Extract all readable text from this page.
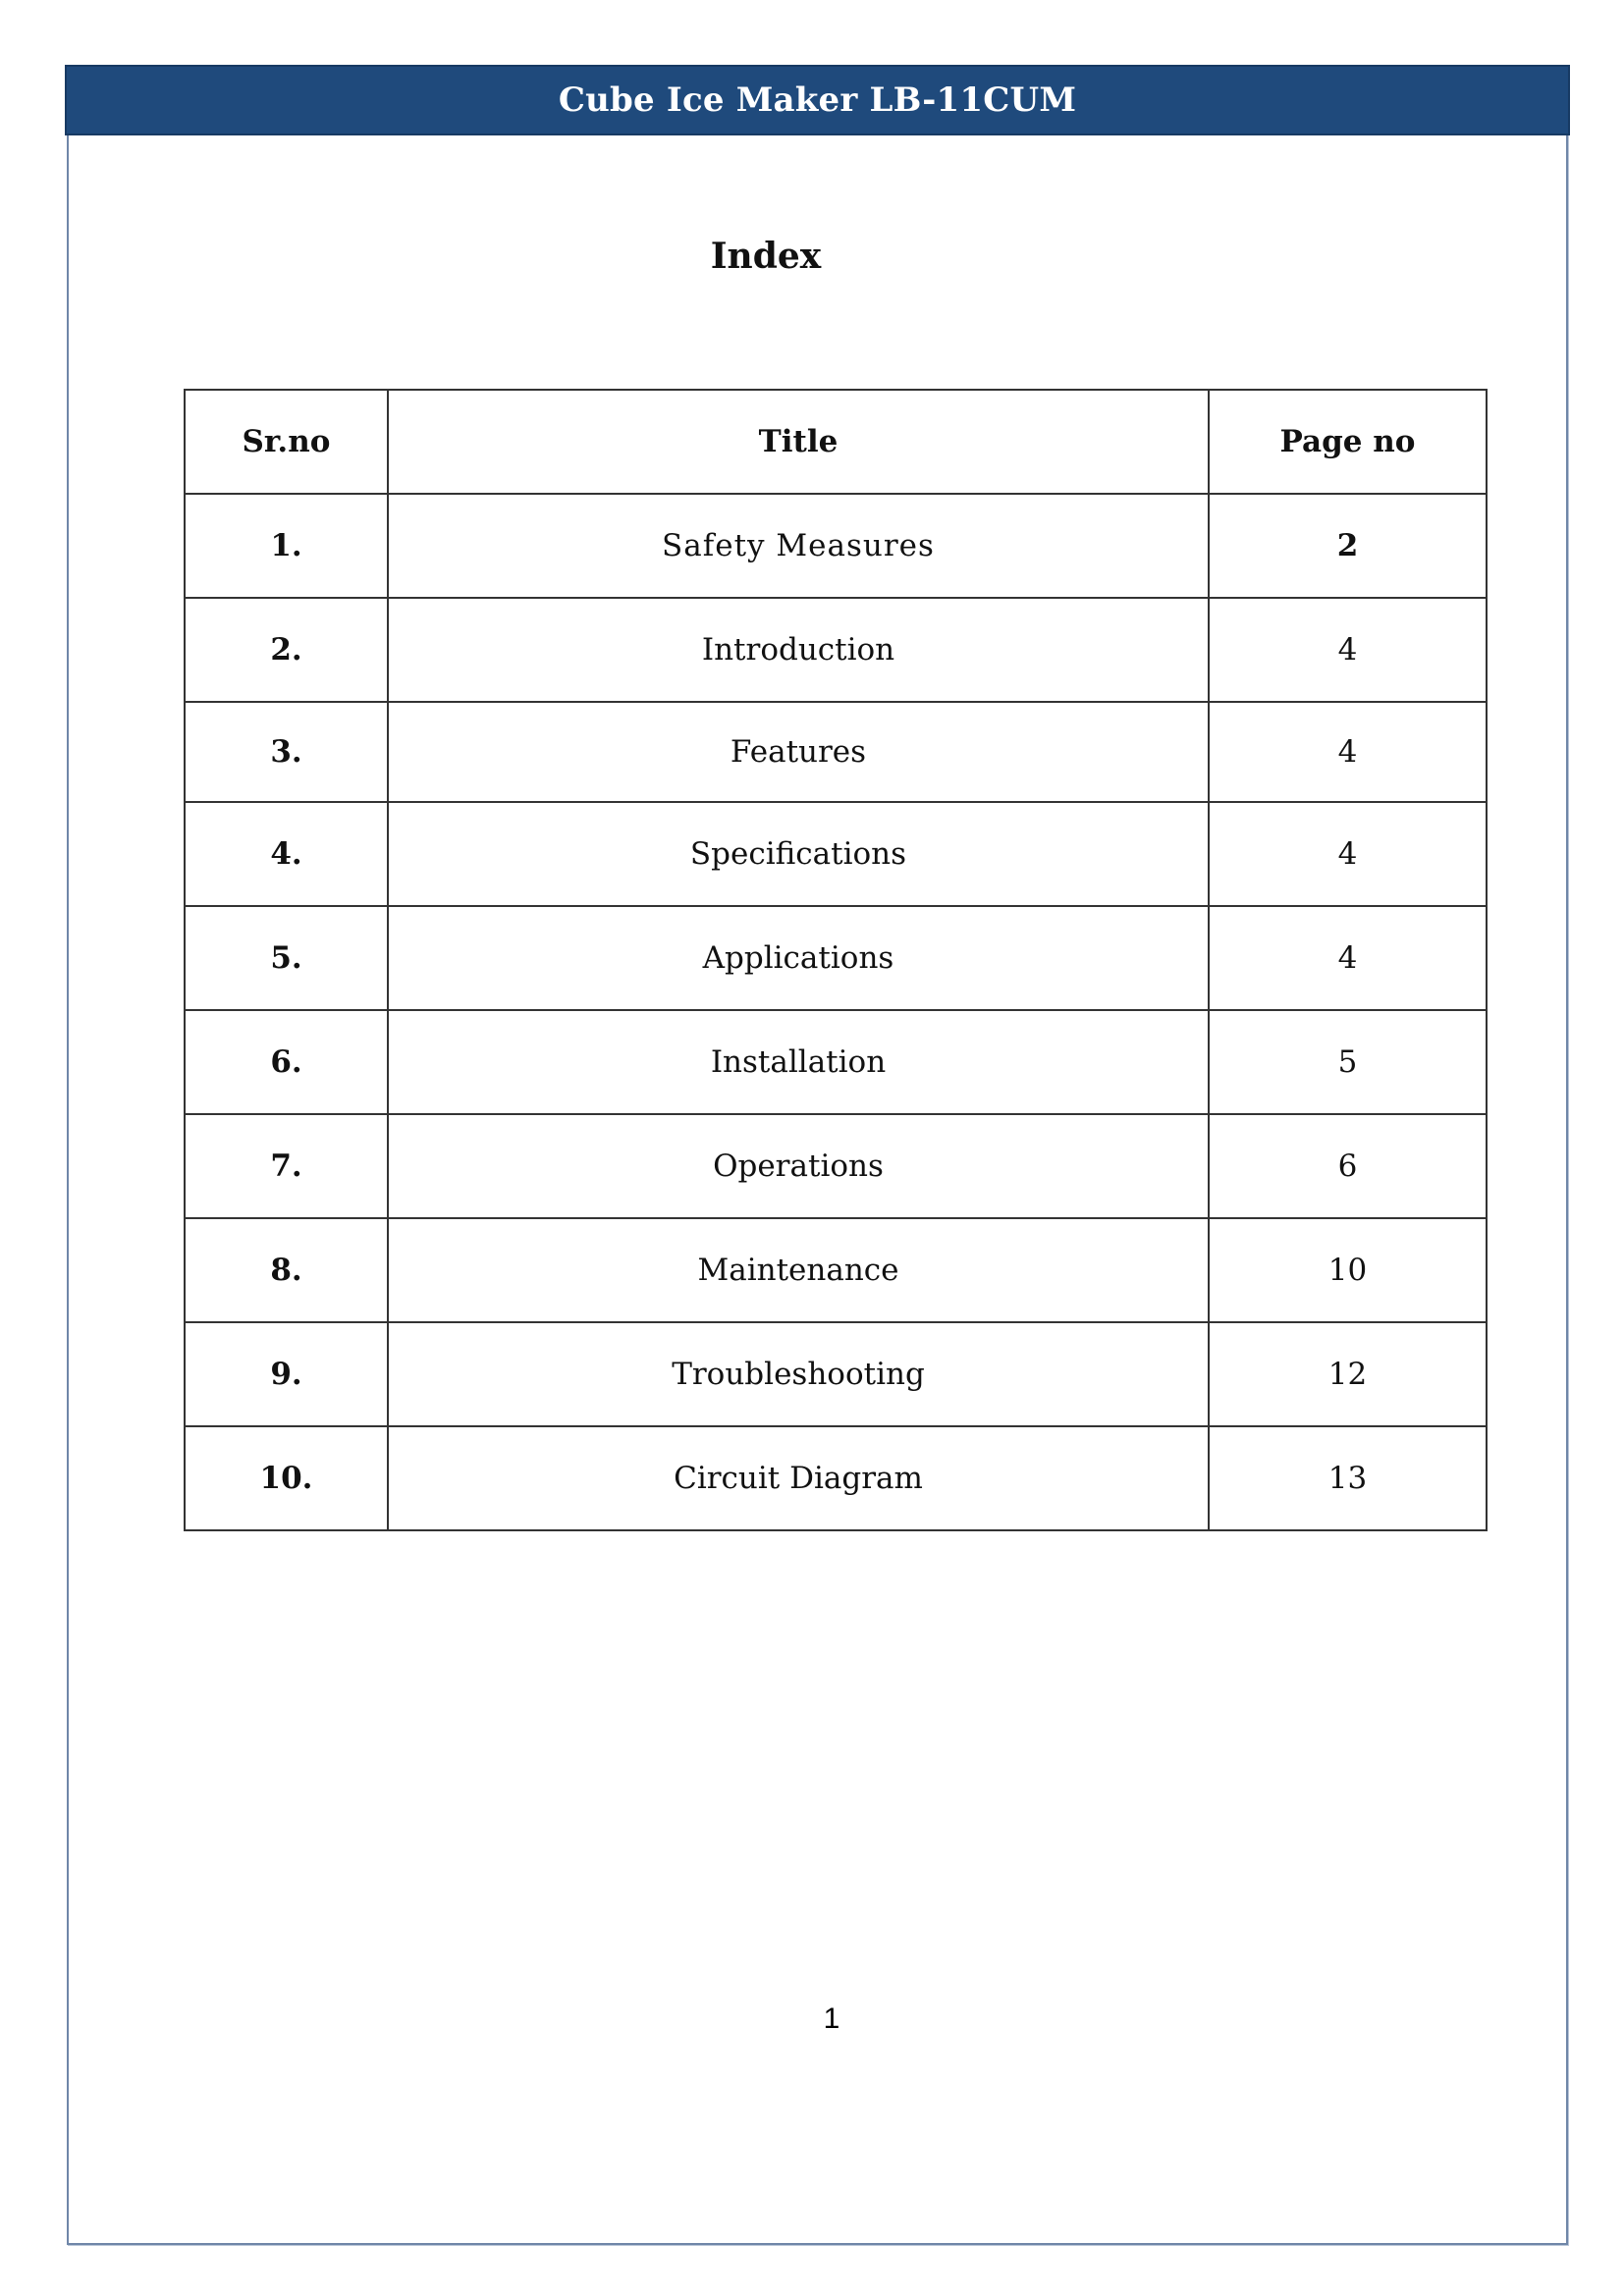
Cube Ice Maker LB-11CUM
Index
Sr.no	Title	Page no
1.	Safety Measures	2
2.	Introduction	4
3.	Features	4
4.	Specifications	4
5.	Applications	4
6.	Installation	5
7.	Operations	6
8.	Maintenance	10
9.	Troubleshooting	12
10.	Circuit Diagram	13
1
